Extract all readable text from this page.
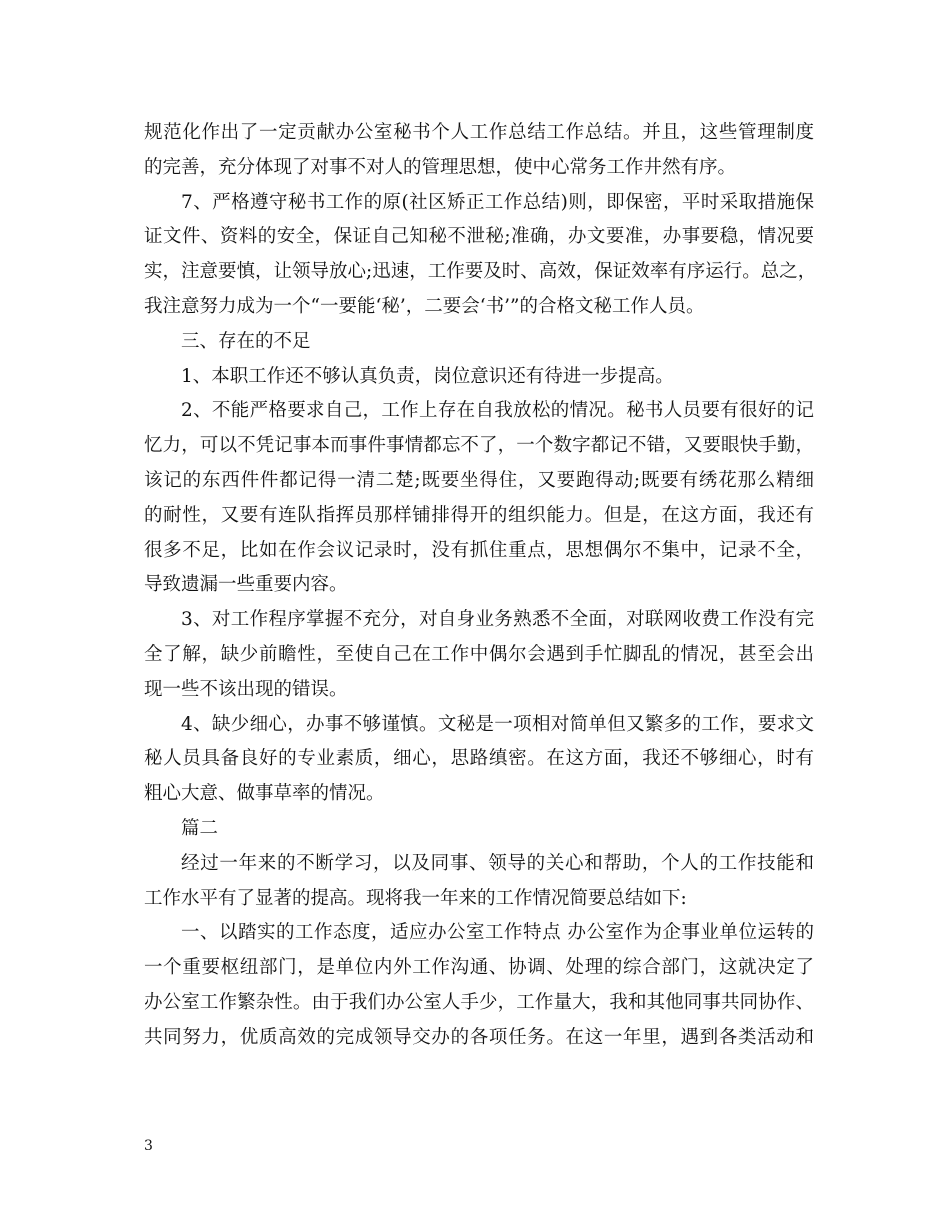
规范化作出了一定贡献办公室秘书个人工作总结工作总结。并且，这些管理制度
的完善，充分体现了对事不对人的管理思想，使中心常务工作井然有序。
7、严格遵守秘书工作的原(社区矫正工作总结)则，即保密，平时采取措施保
证文件、资料的安全，保证自己知秘不泄秘;准确，办文要准，办事要稳，情况要
实，注意要慎，让领导放心;迅速，工作要及时、高效，保证效率有序运行。总之，
我注意努力成为一个“一要能‘秘’，二要会‘书’”的合格文秘工作人员。
三、存在的不足
1、本职工作还不够认真负责，岗位意识还有待进一步提高。
2、不能严格要求自己，工作上存在自我放松的情况。秘书人员要有很好的记
忆力，可以不凭记事本而事件事情都忘不了，一个数字都记不错，又要眼快手勤，
该记的东西件件都记得一清二楚;既要坐得住，又要跑得动;既要有绣花那么精细
的耐性，又要有连队指挥员那样铺排得开的组织能力。但是，在这方面，我还有
很多不足，比如在作会议记录时，没有抓住重点，思想偶尔不集中，记录不全，
导致遗漏一些重要内容。
3、对工作程序掌握不充分，对自身业务熟悉不全面，对联网收费工作没有完
全了解，缺少前瞻性，至使自己在工作中偶尔会遇到手忙脚乱的情况，甚至会出
现一些不该出现的错误。
4、缺少细心，办事不够谨慎。文秘是一项相对简单但又繁多的工作，要求文
秘人员具备良好的专业素质，细心，思路缜密。在这方面，我还不够细心，时有
粗心大意、做事草率的情况。
篇二
经过一年来的不断学习，以及同事、领导的关心和帮助，个人的工作技能和
工作水平有了显著的提高。现将我一年来的工作情况简要总结如下:
一、以踏实的工作态度，适应办公室工作特点 办公室作为企事业单位运转的
一个重要枢纽部门，是单位内外工作沟通、协调、处理的综合部门，这就决定了
办公室工作繁杂性。由于我们办公室人手少，工作量大，我和其他同事共同协作、
共同努力，优质高效的完成领导交办的各项任务。在这一年里，遇到各类活动和
3
